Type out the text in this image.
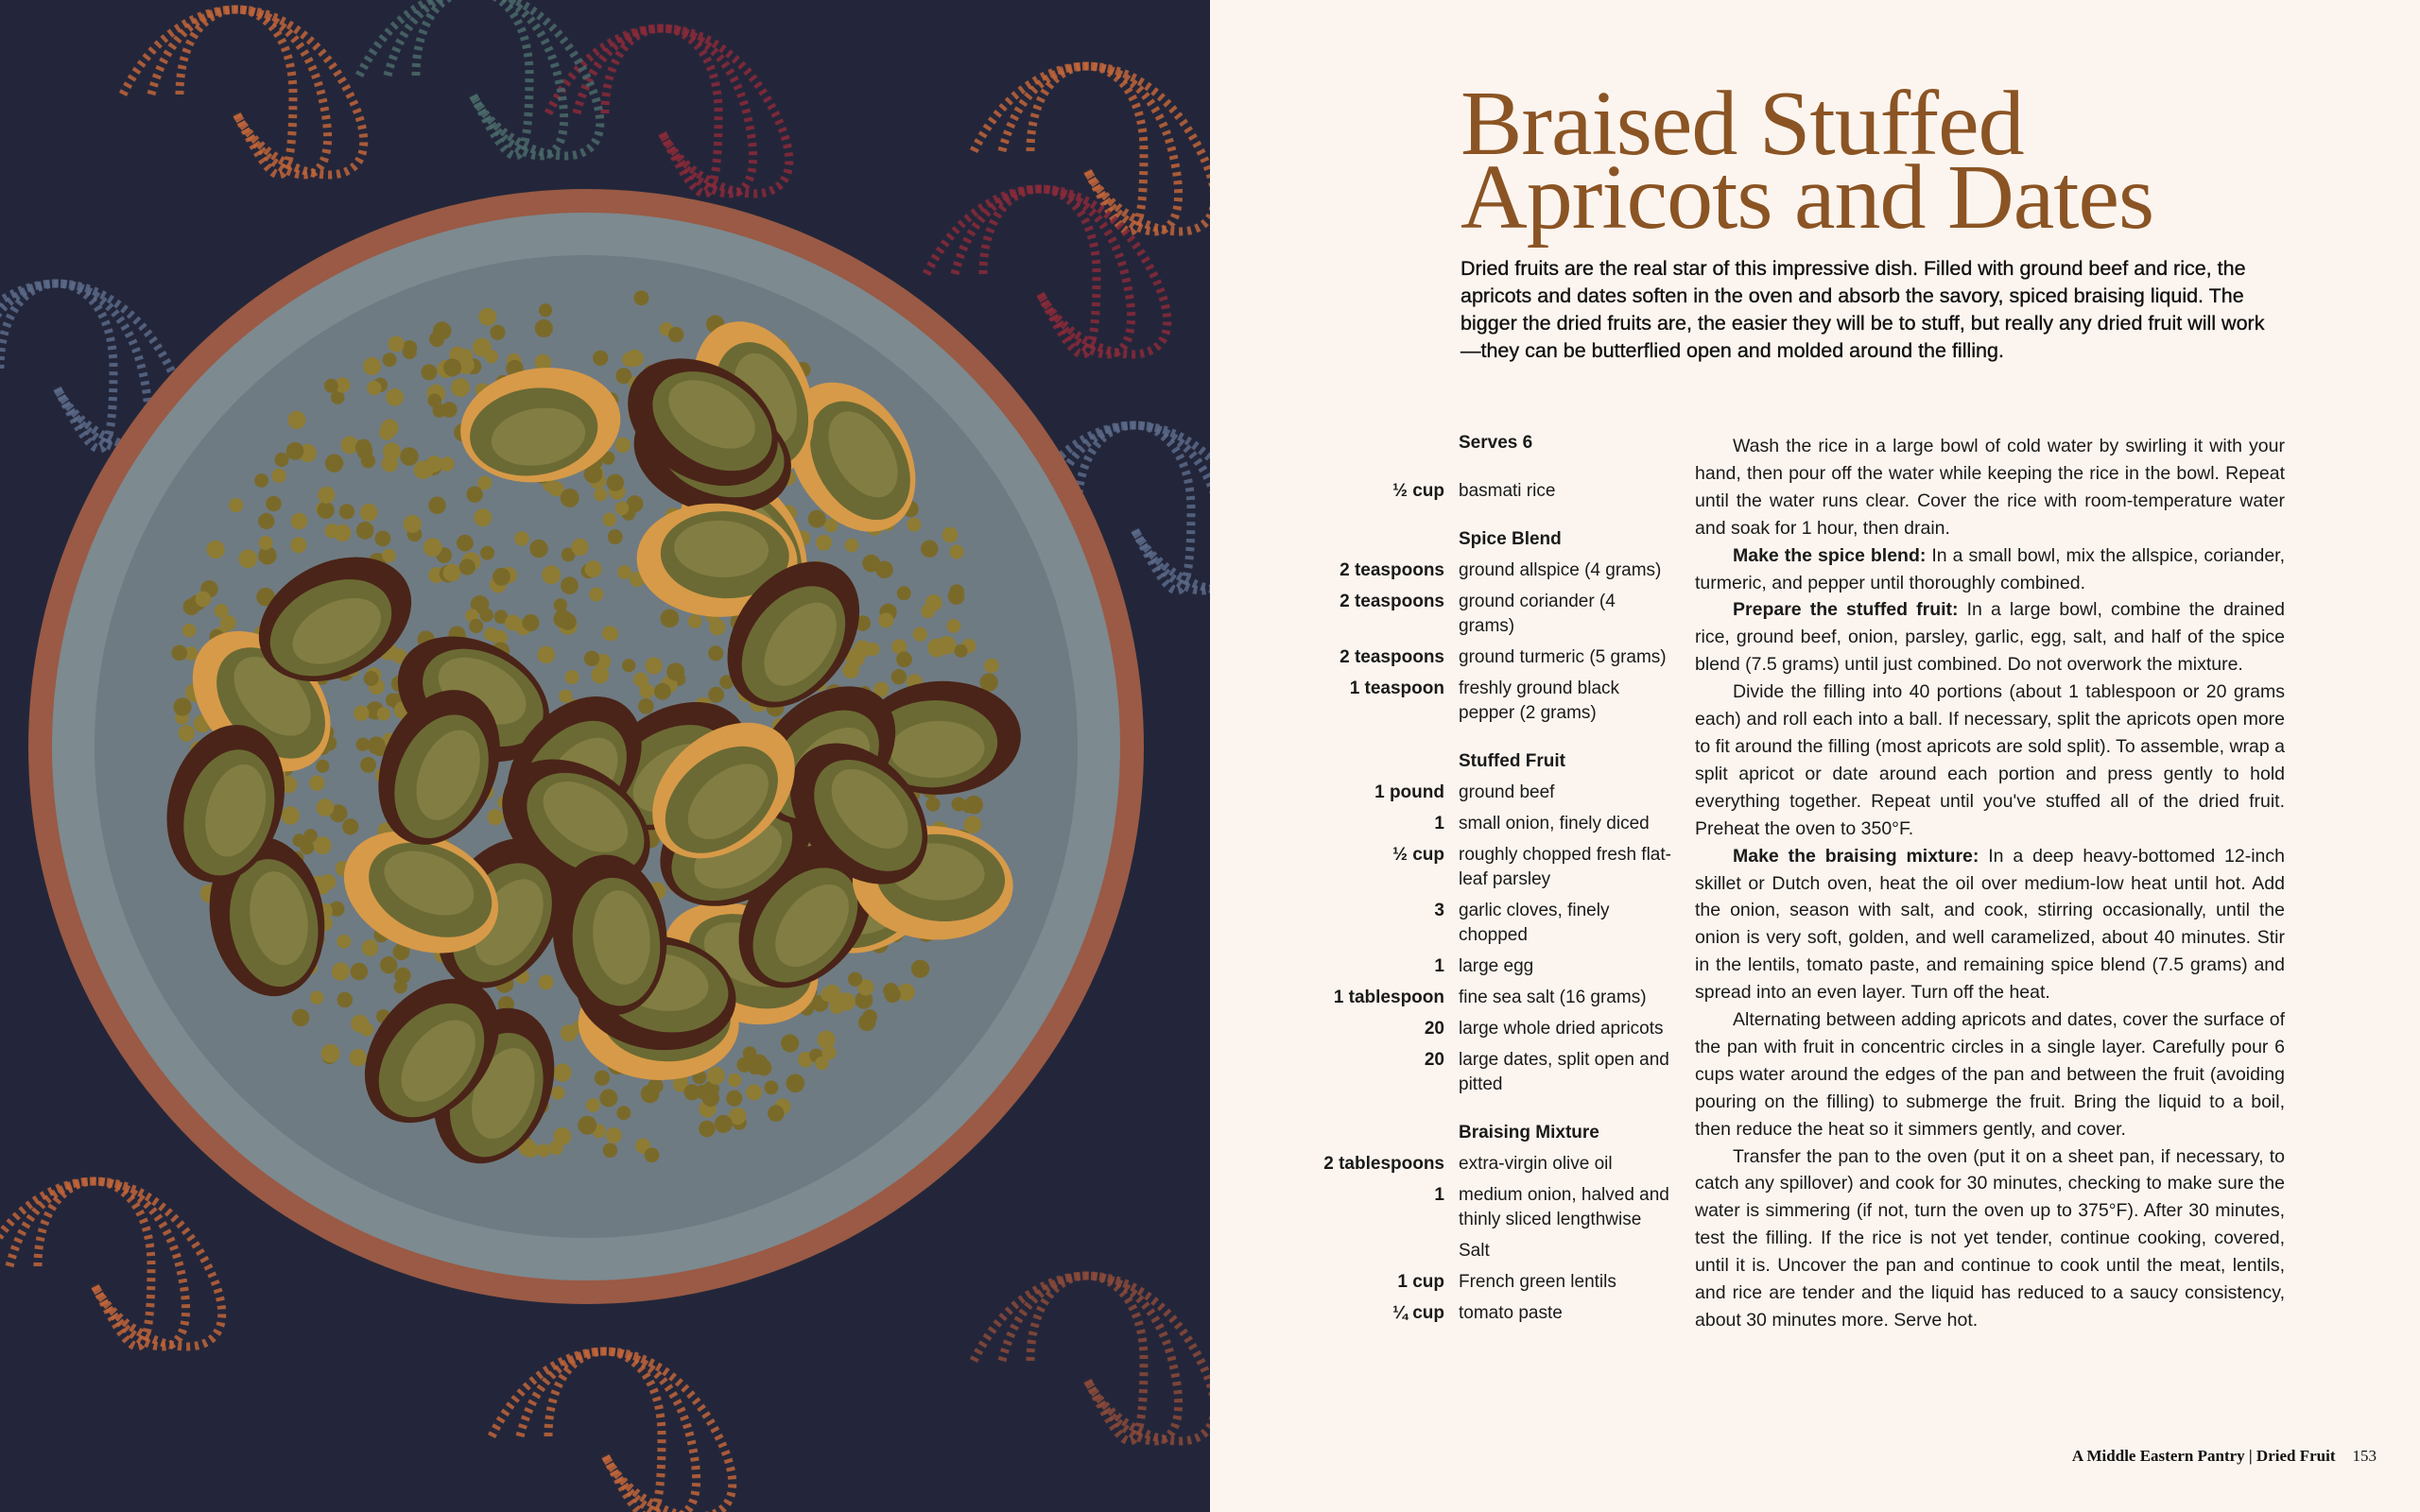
Braised Stuffed
Apricots and Dates

Dried fruits are the real star of this impressive dish. Filled with ground beef and rice, the apricots and dates soften in the oven and absorb the savory, spiced braising liquid. The bigger the dried fruits are, the easier they will be to stuff, but really any dried fruit will work—they can be butterflied open and molded around the filling.

Serves 6
½ cup basmati rice
Spice Blend
2 teaspoons ground allspice (4 grams)
2 teaspoons ground coriander (4 grams)
2 teaspoons ground turmeric (5 grams)
1 teaspoon freshly ground black pepper (2 grams)
Stuffed Fruit
1 pound ground beef
1 small onion, finely diced
½ cup roughly chopped fresh flat-leaf parsley
3 garlic cloves, finely chopped
1 large egg
1 tablespoon fine sea salt (16 grams)
20 large whole dried apricots
20 large dates, split open and pitted
Braising Mixture
2 tablespoons extra-virgin olive oil
1 medium onion, halved and thinly sliced lengthwise
Salt
1 cup French green lentils
¼ cup tomato paste

Wash the rice in a large bowl of cold water by swirling it with your hand, then pour off the water while keeping the rice in the bowl. Repeat until the water runs clear. Cover the rice with room-temperature water and soak for 1 hour, then drain.

Make the spice blend: In a small bowl, mix the allspice, coriander, turmeric, and pepper until thoroughly combined.

Prepare the stuffed fruit: In a large bowl, combine the drained rice, ground beef, onion, parsley, garlic, egg, salt, and half of the spice blend (7.5 grams) until just combined. Do not overwork the mixture.

Divide the filling into 40 portions (about 1 tablespoon or 20 grams each) and roll each into a ball. If necessary, split the apricots open more to fit around the filling (most apricots are sold split). To assemble, wrap a split apricot or date around each portion and press gently to hold everything together. Repeat until you've stuffed all of the dried fruit. Preheat the oven to 350°F.

Make the braising mixture: In a deep heavy-bottomed 12-inch skillet or Dutch oven, heat the oil over medium-low heat until hot. Add the onion, season with salt, and cook, stirring occasionally, until the onion is very soft, golden, and well caramelized, about 40 minutes. Stir in the lentils, tomato paste, and remaining spice blend (7.5 grams) and spread into an even layer. Turn off the heat.

Alternating between adding apricots and dates, cover the surface of the pan with fruit in concentric circles in a single layer. Carefully pour 6 cups water around the edges of the pan and between the fruit (avoiding pouring on the filling) to submerge the fruit. Bring the liquid to a boil, then reduce the heat so it simmers gently, and cover.

Transfer the pan to the oven (put it on a sheet pan, if necessary, to catch any spillover) and cook for 30 minutes, checking to make sure the water is simmering (if not, turn the oven up to 375°F). After 30 minutes, test the filling. If the rice is not yet tender, continue cooking, covered, until it is. Uncover the pan and continue to cook until the meat, lentils, and rice are tender and the liquid has reduced to a saucy consistency, about 30 minutes more. Serve hot.

A Middle Eastern Pantry | Dried Fruit 153
